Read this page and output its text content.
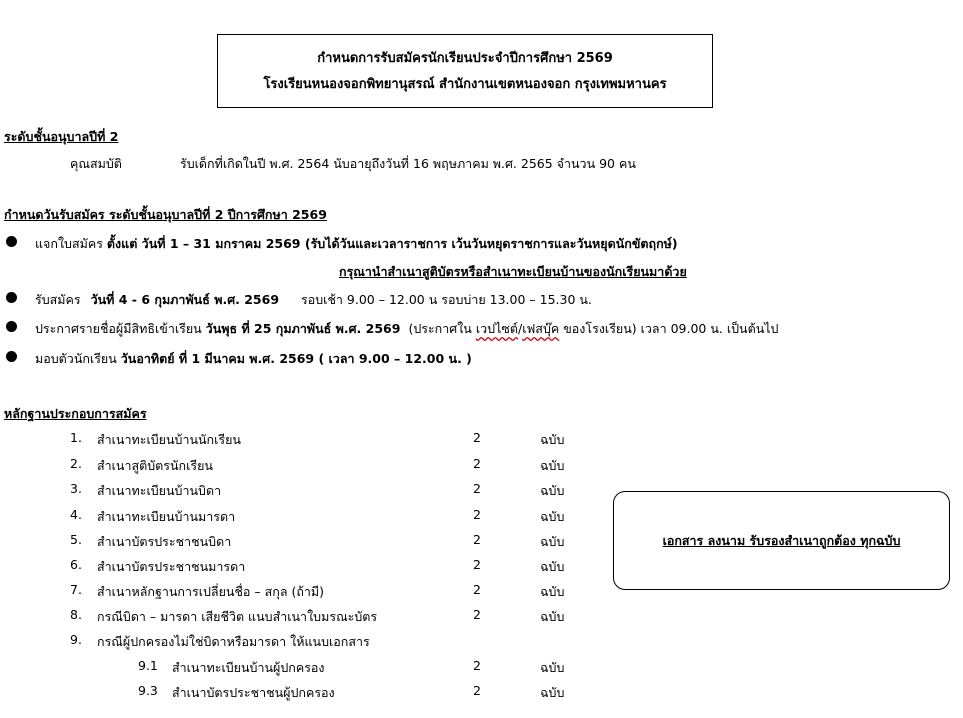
กำหนดการรับสมัครนักเรียนประจำปีการศึกษา 2569
โรงเรียนหนองจอกพิทยานุสรณ์ สำนักงานเขตหนองจอก กรุงเทพมหานคร
ระดับชั้นอนุบาลปีที่ 2
คุณสมบัติ	รับเด็กที่เกิดในปี พ.ศ. 2564 นับอายุถึงวันที่ 16 พฤษภาคม พ.ศ. 2565 จำนวน 90 คน
กำหนดวันรับสมัคร ระดับชั้นอนุบาลปีที่ 2 ปีการศึกษา 2569
แจกใบสมัคร ตั้งแต่ วันที่ 1 – 31 มกราคม 2569 (รับได้วันและเวลาราชการ เว้นวันหยุดราชการและวันหยุดนักขัตฤกษ์)
กรุณานำสำเนาสูติบัตรหรือสำเนาทะเบียนบ้านของนักเรียนมาด้วย
รับสมัคร วันที่ 4 - 6 กุมภาพันธ์ พ.ศ. 2569 รอบเช้า 9.00 – 12.00 น รอบบ่าย 13.00 – 15.30 น.
ประกาศรายชื่อผู้มีสิทธิเข้าเรียน วันพุธ ที่ 25 กุมภาพันธ์ พ.ศ. 2569 (ประกาศใน เวปไซต์/เฟสบุ๊ค ของโรงเรียน) เวลา 09.00 น. เป็นต้นไป
มอบตัวนักเรียน วันอาทิตย์ ที่ 1 มีนาคม พ.ศ. 2569 ( เวลา 9.00 – 12.00 น. )
หลักฐานประกอบการสมัคร
1. สำเนาทะเบียนบ้านนักเรียน	2	ฉบับ
2. สำเนาสูติบัตรนักเรียน	2	ฉบับ
3. สำเนาทะเบียนบ้านบิดา	2	ฉบับ
4. สำเนาทะเบียนบ้านมารดา	2	ฉบับ
5. สำเนาบัตรประชาชนบิดา	2	ฉบับ
6. สำเนาบัตรประชาชนมารดา	2	ฉบับ
7. สำเนาหลักฐานการเปลี่ยนชื่อ – สกุล (ถ้ามี)	2	ฉบับ
8. กรณีบิดา – มารดา เสียชีวิต แนบสำเนาใบมรณะบัตร	2	ฉบับ
9. กรณีผู้ปกครองไม่ใช่บิดาหรือมารดา ให้แนบเอกสาร
9.1 สำเนาทะเบียนบ้านผู้ปกครอง	2	ฉบับ
9.3 สำเนาบัตรประชาชนผู้ปกครอง	2	ฉบับ
เอกสาร ลงนาม รับรองสำเนาถูกต้อง ทุกฉบับ
